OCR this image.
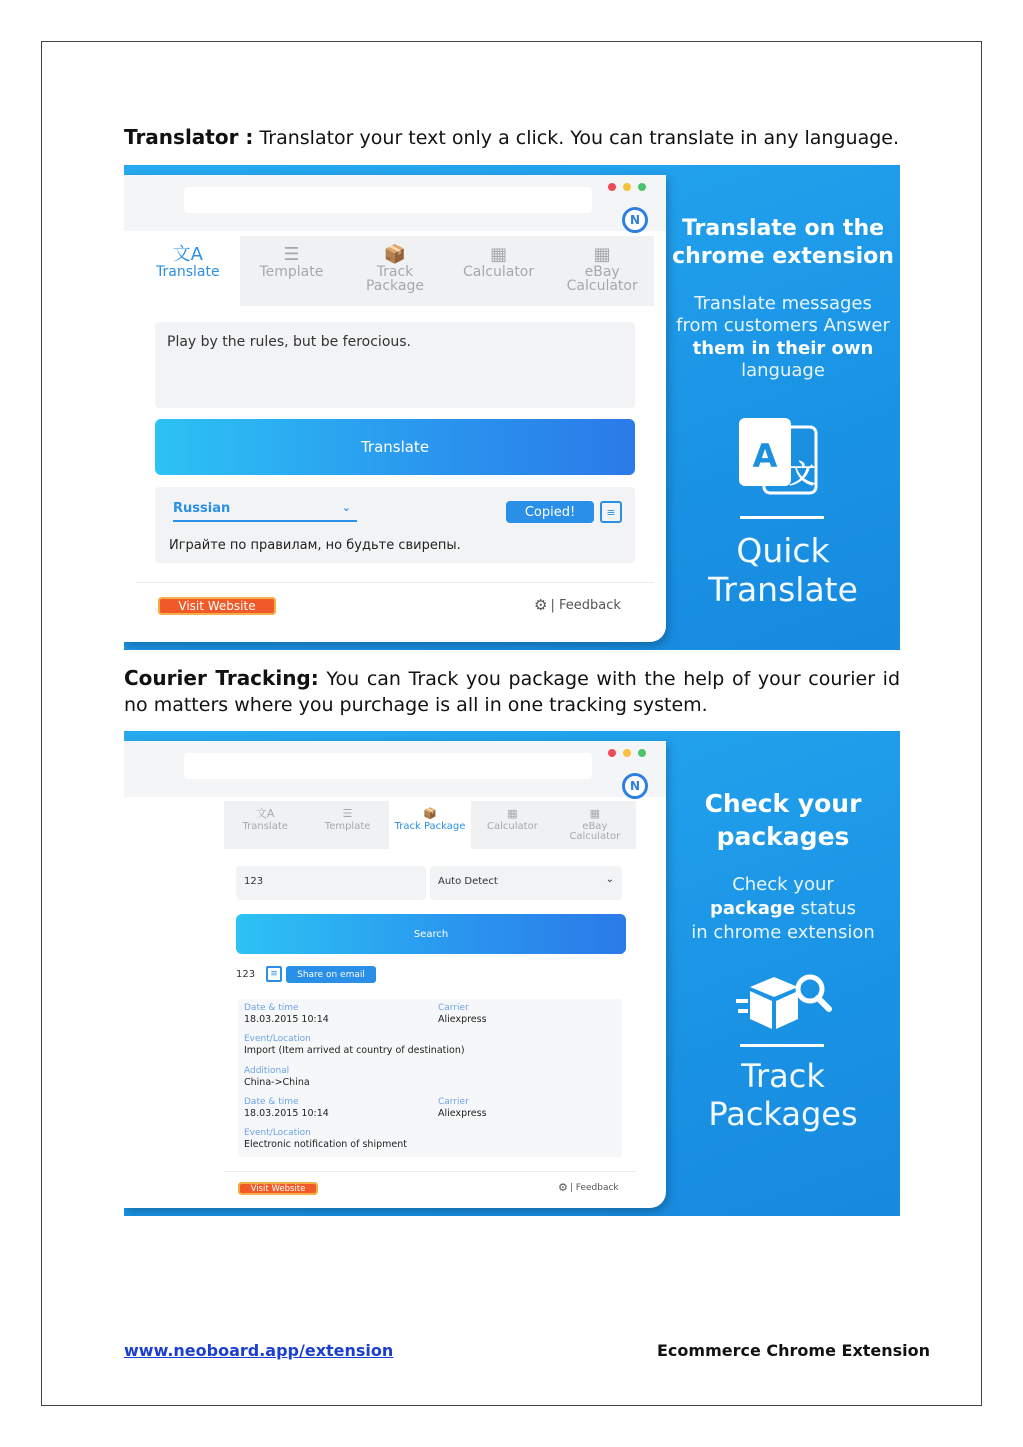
Translator : Translator your text only a click. You can translate in any language.
N
文A
Translate
☰
Template
📦
Track
Package
▦
Calculator
▦
eBay
Calculator
Play by the rules, but be ferocious.
Translate
Russian	⌄	Copied!	≡
Играйте по правилам, но будьте свирепы.
Visit Website	⚙ | Feedback
Translate on the
chrome extension
Translate messages
from customers Answer
them in their own
language
A 文
Quick
Translate
Courier Tracking: You can Track you package with the help of your courier id no matters where you purchage is all in one tracking system.
N
文A
Translate
☰
Template
📦
Track Package
▦
Calculator
▦
eBay
Calculator
123	Auto Detect	⌄
Search
123	≡	Share on email
Date & time
18.03.2015 10:14
Carrier
Aliexpress
Event/Location
Import (Item arrived at country of destination)
Additional
China->China
Date & time
18.03.2015 10:14
Carrier
Aliexpress
Event/Location
Electronic notification of shipment
Visit Website	⚙ | Feedback
Check your
packages
Check your
package status
in chrome extension
Track
Packages
www.neoboard.app/extension	Ecommerce Chrome Extension
